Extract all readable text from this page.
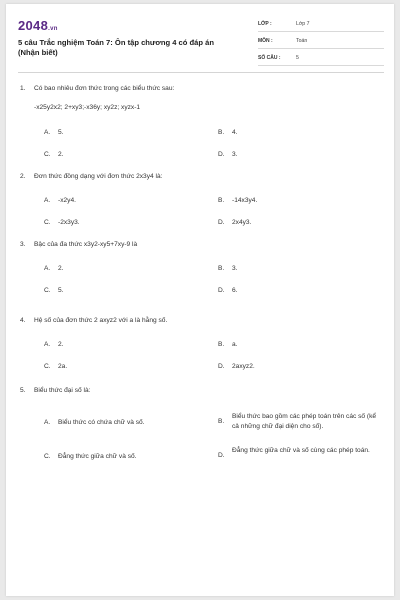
2048.vn
5 câu Trắc nghiệm Toán 7: Ôn tập chương 4 có đáp án (Nhận biết)
LỚP :	Lớp 7
MÔN :	Toán
SỐ CÂU :	5
1. Có bao nhiêu đơn thức trong các biểu thức sau:
-x25y2x2; 2+xy3;-x36y; xy2z; xyzx-1
A. 5.	B. 4.
C. 2.	D. 3.
2. Đơn thức đồng dạng với đơn thức 2x3y4 là:
A. -x2y4.	B. -14x3y4.
C. -2x3y3.	D. 2x4y3.
3. Bậc của đa thức x3y2-xy5+7xy-9 là
A. 2.	B. 3.
C. 5.	D. 6.
4. Hệ số của đơn thức 2 axyz2 với a là hằng số.
A. 2.	B. a.
C. 2a.	D. 2axyz2.
5. Biểu thức đại số là:
A. Biểu thức có chứa chữ và số.	B.
Biểu thức bao gồm các phép toán trên các số (kể cả những chữ đại diện cho số).
C. Đẳng thức giữa chữ và số.	D.
Đẳng thức giữa chữ và số cùng các phép toán.
